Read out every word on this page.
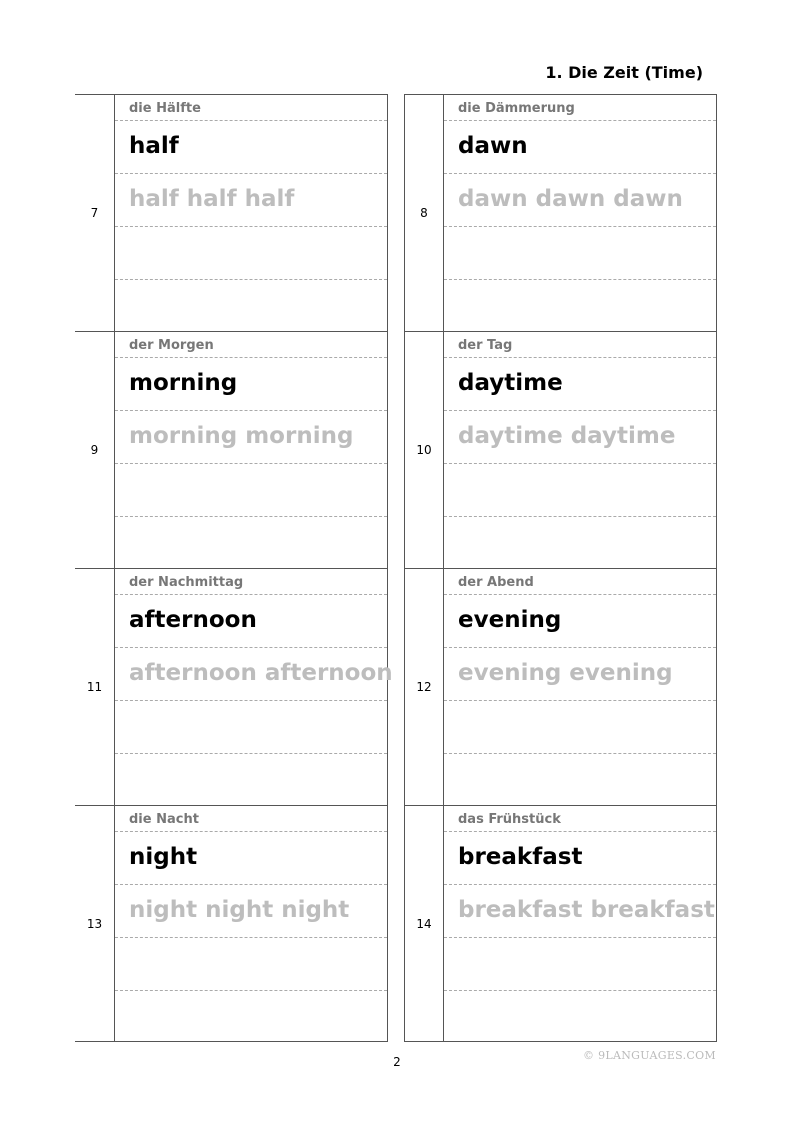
1. Die Zeit (Time)
7
die Hälfte
half
half half half
8
die Dämmerung
dawn
dawn dawn dawn
9
der Morgen
morning
morning morning
10
der Tag
daytime
daytime daytime
11
der Nachmittag
afternoon
afternoon afternoon
12
der Abend
evening
evening evening
13
die Nacht
night
night night night
14
das Frühstück
breakfast
breakfast breakfast
2	© 9LANGUAGES.COM
